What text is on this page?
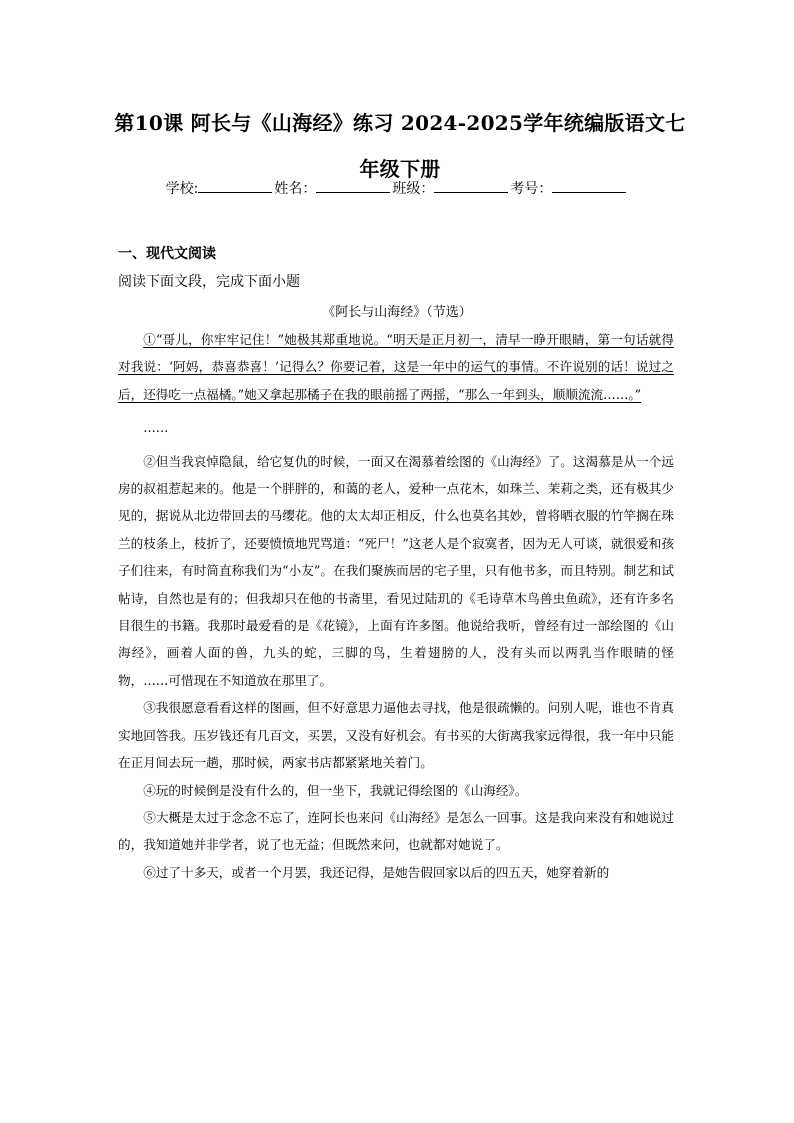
第10课 阿长与《山海经》练习 2024-2025学年统编版语文七年级下册
学校:	姓名：	班级：	考号：
一、现代文阅读
阅读下面文段，完成下面小题
《阿长与山海经》（节选）

①“哥儿，你牢牢记住！”她极其郑重地说。“明天是正月初一，清早一睁开眼睛，第一句话就得对我说：‘阿妈，恭喜恭喜！’记得么？你要记着，这是一年中的运气的事情。不许说别的话！说过之后，还得吃一点福橘。”她又拿起那橘子在我的眼前摇了两摇，“那么一年到头，顺顺流流……。”

……

②但当我哀悼隐鼠，给它复仇的时候，一面又在渴慕着绘图的《山海经》了。这渴慕是从一个远房的叔祖惹起来的。他是一个胖胖的，和蔼的老人，爱种一点花木，如珠兰、茉莉之类，还有极其少见的，据说从北边带回去的马缨花。他的太太却正相反，什么也莫名其妙，曾将晒衣服的竹竿搁在珠兰的枝条上，枝折了，还要愤愤地咒骂道：“死尸！”这老人是个寂寞者，因为无人可谈，就很爱和孩子们往来，有时简直称我们为“小友”。在我们聚族而居的宅子里，只有他书多，而且特别。制艺和试帖诗，自然也是有的；但我却只在他的书斋里，看见过陆玑的《毛诗草木鸟兽虫鱼疏》，还有许多名目很生的书籍。我那时最爱看的是《花镜》，上面有许多图。他说给我听，曾经有过一部绘图的《山海经》，画着人面的兽，九头的蛇，三脚的鸟，生着翅膀的人，没有头而以两乳当作眼睛的怪物，……可惜现在不知道放在那里了。

③我很愿意看看这样的图画，但不好意思力逼他去寻找，他是很疏懒的。问别人呢，谁也不肯真实地回答我。压岁钱还有几百文，买罢，又没有好机会。有书买的大街离我家远得很，我一年中只能在正月间去玩一趟，那时候，两家书店都紧紧地关着门。

④玩的时候倒是没有什么的，但一坐下，我就记得绘图的《山海经》。

⑤大概是太过于念念不忘了，连阿长也来问《山海经》是怎么一回事。这是我向来没有和她说过的，我知道她并非学者，说了也无益；但既然来问，也就都对她说了。

⑥过了十多天，或者一个月罢，我还记得，是她告假回家以后的四五天，她穿着新的
